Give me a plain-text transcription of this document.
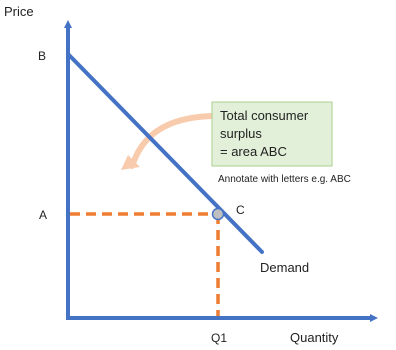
Total consumer
surplus
= area ABC
Annotate with letters e.g. ABC
Price
Quantity
B
A	C
Q1
Demand
